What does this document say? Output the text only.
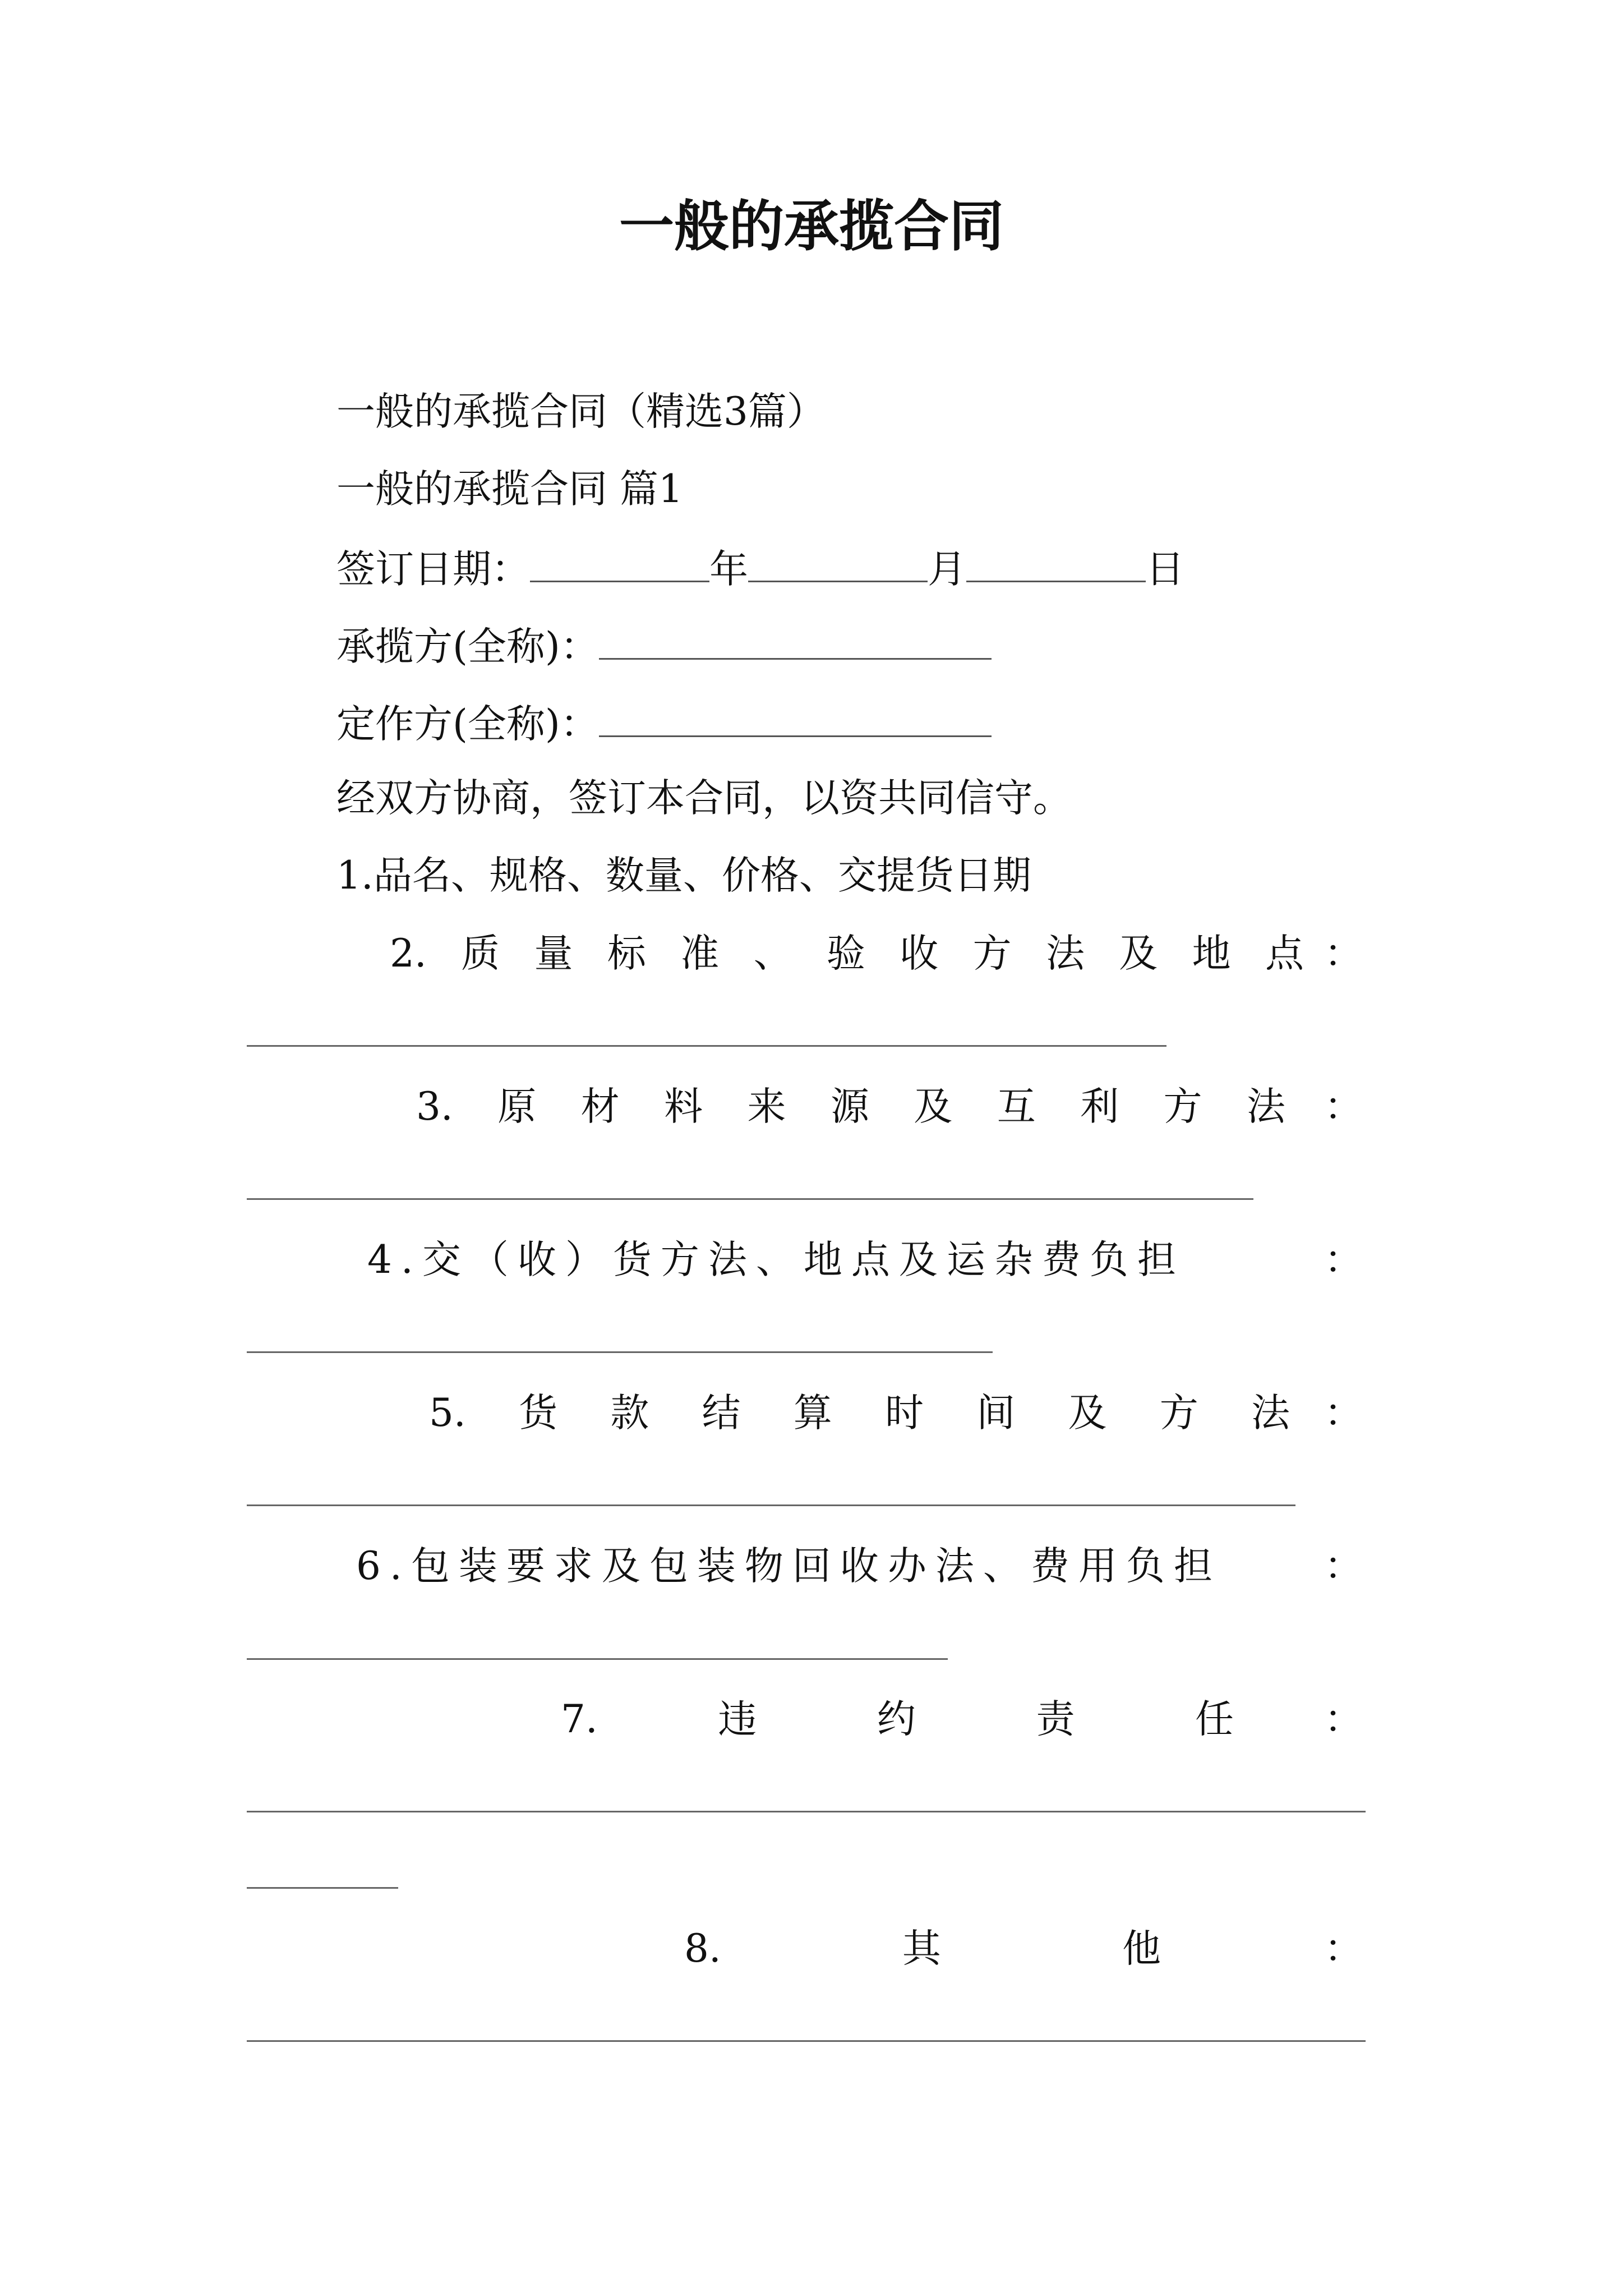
一般的承揽合同
一般的承揽合同（精选3篇）
一般的承揽合同 篇1
签订日期：	年	月	日
承揽方(全称)：
定作方(全称)：
经双方协商，签订本合同，以资共同信守。
1.品名、规格、数量、价格、交提货日期
2. 质 量 标 准 、 验 收 方 法 及 地 点 ：
3. 原 材 料 来 源 及 互 利 方 法 ：
4.交（收）货方法、地点及运杂费负担	：
5. 货 款 结 算 时 间 及 方 法 ：
6.包装要求及包装物回收办法、费用负担	：
7.	违	约	责	任 ：
8.	其	他	：
